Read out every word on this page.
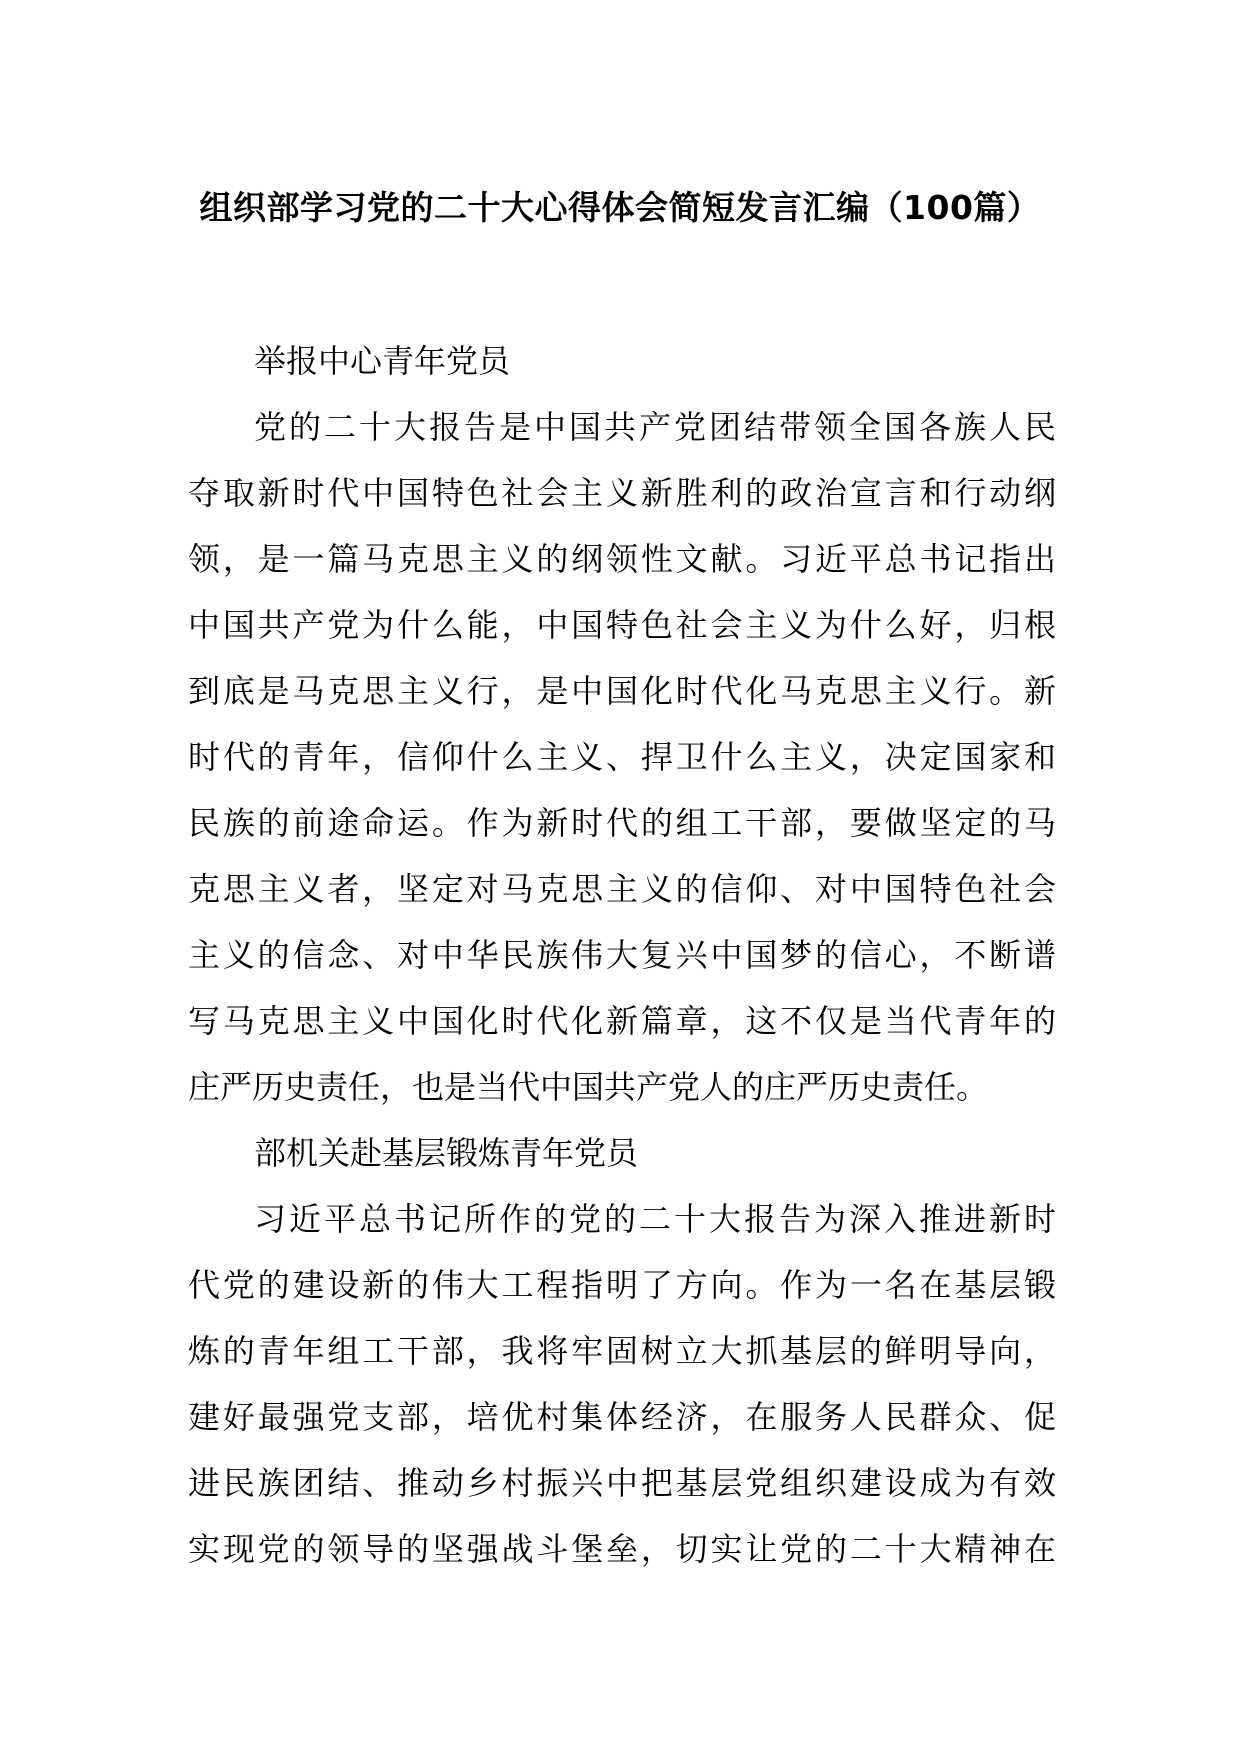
组织部学习党的二十大心得体会简短发言汇编（100篇）
举报中心青年党员
党的二十大报告是中国共产党团结带领全国各族人民
夺取新时代中国特色社会主义新胜利的政治宣言和行动纲
领，是一篇马克思主义的纲领性文献。习近平总书记指出
中国共产党为什么能，中国特色社会主义为什么好，归根
到底是马克思主义行，是中国化时代化马克思主义行。新
时代的青年，信仰什么主义、捍卫什么主义，决定国家和
民族的前途命运。作为新时代的组工干部，要做坚定的马
克思主义者，坚定对马克思主义的信仰、对中国特色社会
主义的信念、对中华民族伟大复兴中国梦的信心，不断谱
写马克思主义中国化时代化新篇章，这不仅是当代青年的
庄严历史责任，也是当代中国共产党人的庄严历史责任。
部机关赴基层锻炼青年党员
习近平总书记所作的党的二十大报告为深入推进新时
代党的建设新的伟大工程指明了方向。作为一名在基层锻
炼的青年组工干部，我将牢固树立大抓基层的鲜明导向，
建好最强党支部，培优村集体经济，在服务人民群众、促
进民族团结、推动乡村振兴中把基层党组织建设成为有效
实现党的领导的坚强战斗堡垒，切实让党的二十大精神在
